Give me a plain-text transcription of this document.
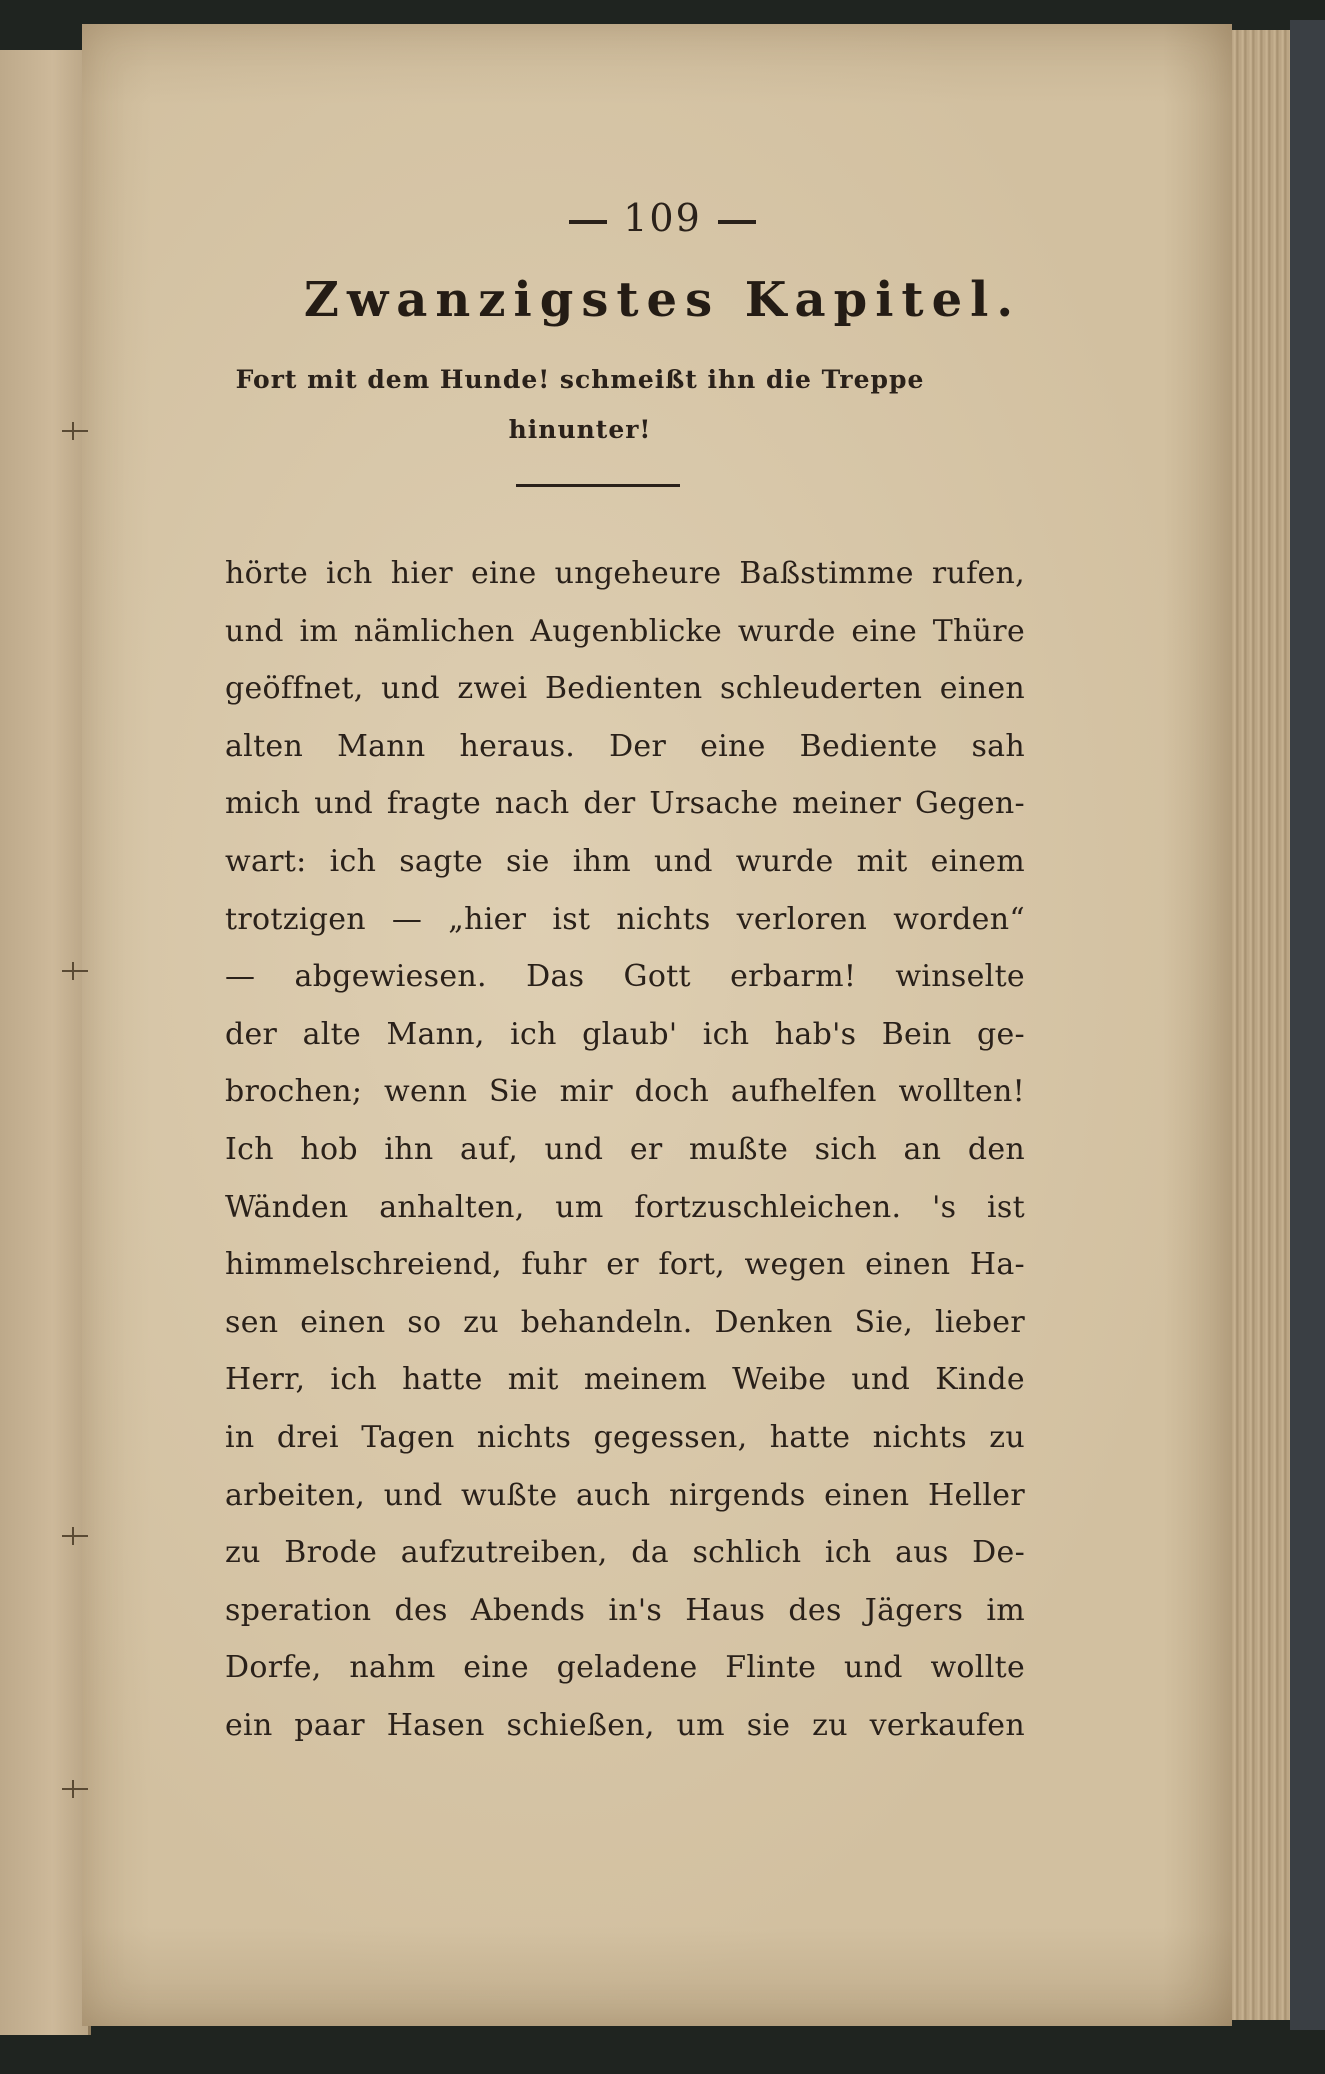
109
Zwanzigstes Kapitel.
Fort mit dem Hunde! schmeißt ihn die Treppe
hinunter!
hörte ich hier eine ungeheure Baßstimme rufen,
und im nämlichen Augenblicke wurde eine Thüre
geöffnet, und zwei Bedienten schleuderten einen
alten Mann heraus. Der eine Bediente sah
mich und fragte nach der Ursache meiner Gegen-
wart: ich sagte sie ihm und wurde mit einem
trotzigen — „hier ist nichts verloren worden“
— abgewiesen. Das Gott erbarm! winselte
der alte Mann, ich glaub' ich hab's Bein ge-
brochen; wenn Sie mir doch aufhelfen wollten!
Ich hob ihn auf, und er mußte sich an den
Wänden anhalten, um fortzuschleichen. 's ist
himmelschreiend, fuhr er fort, wegen einen Ha-
sen einen so zu behandeln. Denken Sie, lieber
Herr, ich hatte mit meinem Weibe und Kinde
in drei Tagen nichts gegessen, hatte nichts zu
arbeiten, und wußte auch nirgends einen Heller
zu Brode aufzutreiben, da schlich ich aus De-
speration des Abends in's Haus des Jägers im
Dorfe, nahm eine geladene Flinte und wollte
ein paar Hasen schießen, um sie zu verkaufen
